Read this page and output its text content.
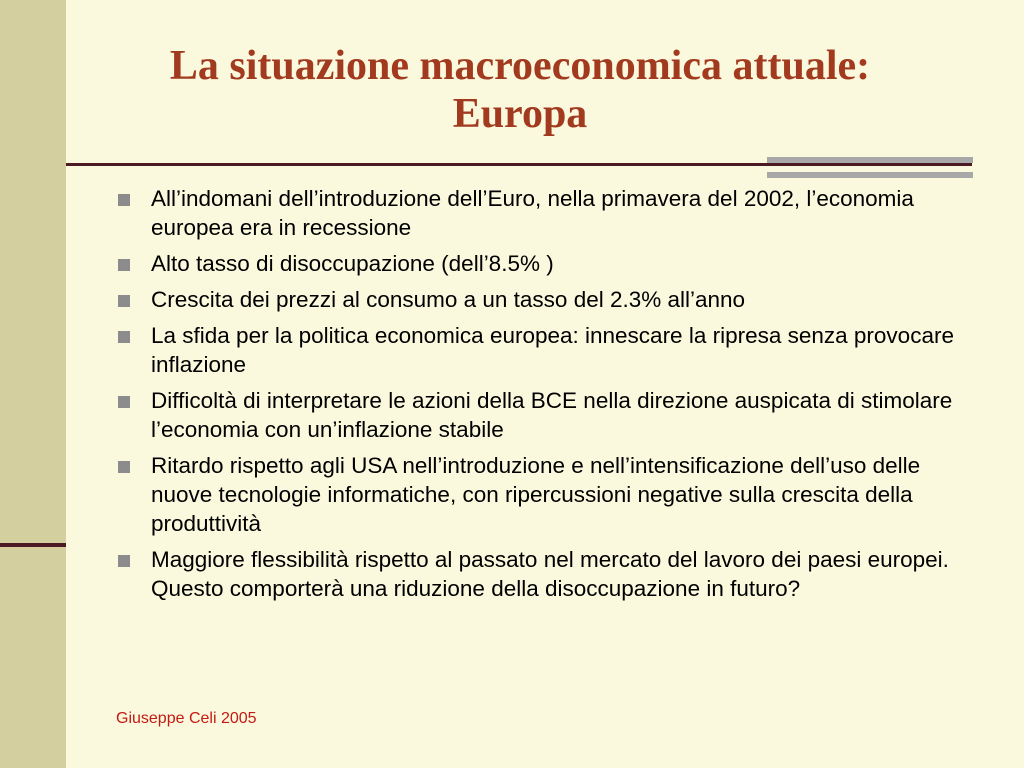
La situazione macroeconomica attuale:
Europa
All’indomani dell’introduzione dell’Euro, nella primavera del 2002, l’economia europea era in recessione
Alto tasso di disoccupazione (dell’8.5% )
Crescita dei prezzi al consumo a un tasso del 2.3% all’anno
La sfida per la politica economica europea: innescare la ripresa senza provocare inflazione
Difficoltà di interpretare le azioni della BCE nella direzione auspicata di stimolare l’economia con un’inflazione stabile
Ritardo rispetto agli USA nell’introduzione e nell’intensificazione dell’uso delle nuove tecnologie informatiche, con ripercussioni negative sulla crescita della produttività
Maggiore flessibilità rispetto al passato nel mercato del lavoro dei paesi europei. Questo comporterà una riduzione della disoccupazione in futuro?
Giuseppe Celi 2005
